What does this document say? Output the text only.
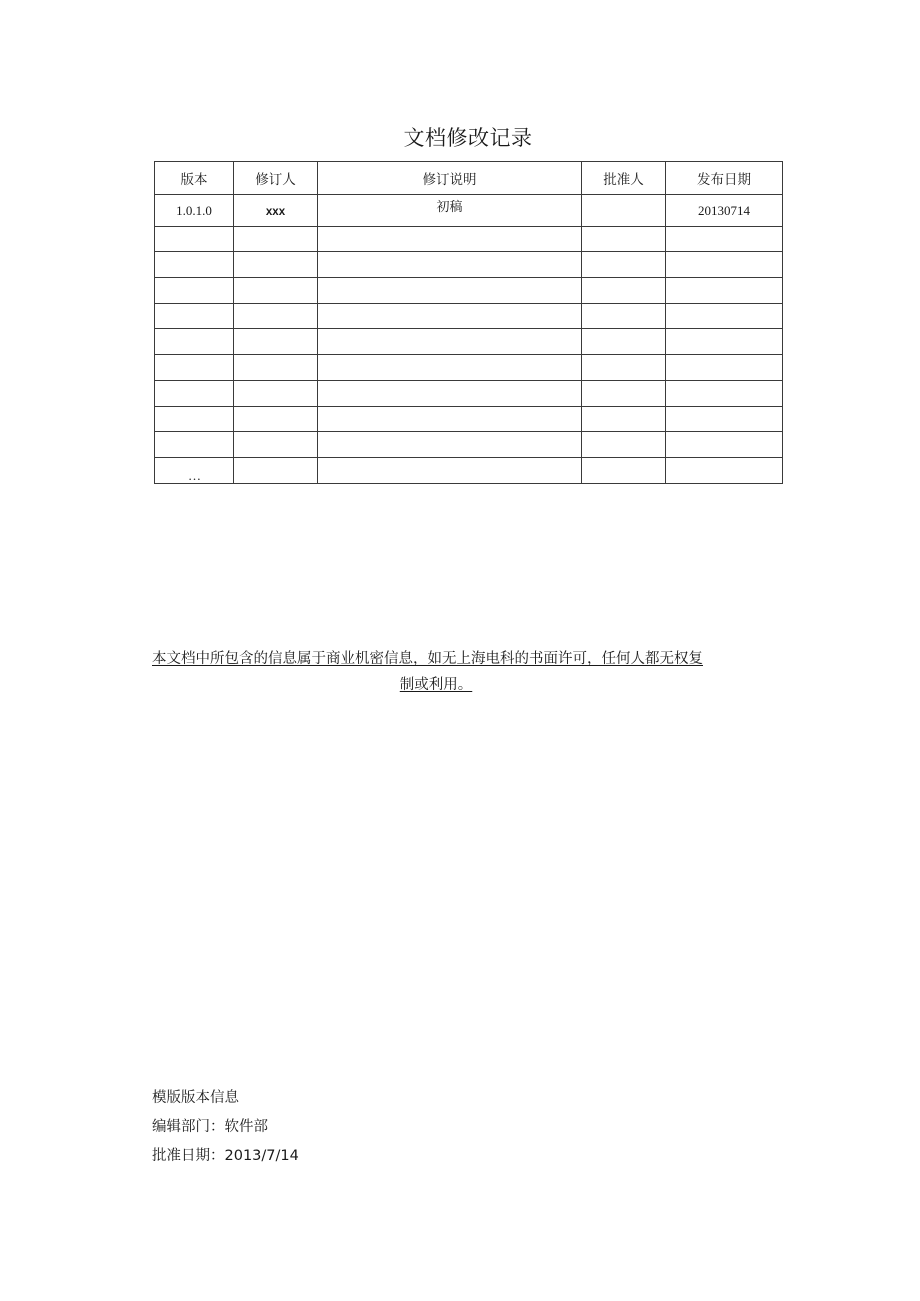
文档修改记录
版本	修订人	修订说明	批准人	发布日期
1.0.1.0	xxx	初稿		20130714

…
本文档中所包含的信息属于商业机密信息，如无上海电科的书面许可，任何人都无权复
制或利用。
模版版本信息
编辑部门：软件部
批准日期：2013/7/14
